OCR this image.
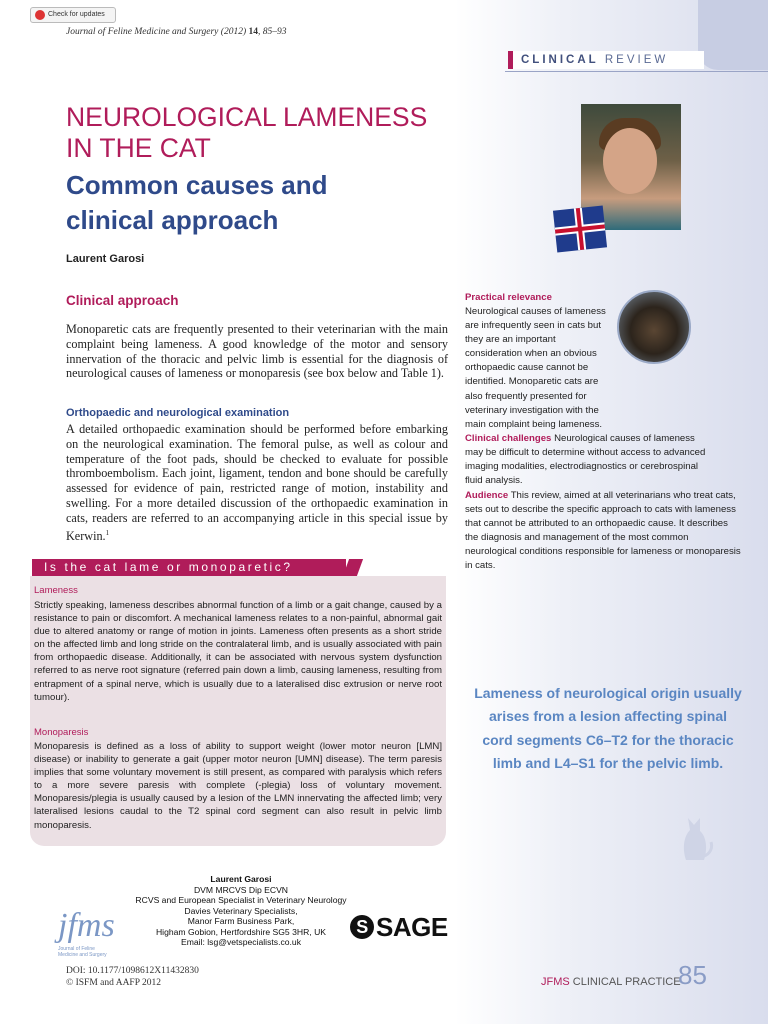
Check for updates
Journal of Feline Medicine and Surgery (2012) 14, 85–93
CLINICAL REVIEW
NEUROLOGICAL LAMENESS
IN THE CAT
Common causes and
clinical approach
Laurent Garosi
Clinical approach

Monoparetic cats are frequently presented to their veterinarian with the main complaint being lameness. A good knowledge of the motor and sensory innervation of the thoracic and pelvic limb is essential for the diagnosis of neurological causes of lameness or monoparesis (see box below and Table 1).

Orthopaedic and neurological examination

A detailed orthopaedic examination should be performed before embarking on the neurological examination. The femoral pulse, as well as colour and temperature of the foot pads, should be checked to evaluate for possible thromboembolism. Each joint, ligament, tendon and bone should be carefully assessed for evidence of pain, restricted range of motion, instability and swelling. For a more detailed discussion of the orthopaedic examination in cats, readers are referred to an accompanying article in this special issue by Kerwin.$^1$

Is the cat lame or monoparetic?
Lameness

Strictly speaking, lameness describes abnormal function of a limb or a gait change, caused by a resistance to pain or discomfort. A mechanical lameness relates to a non-painful, abnormal gait due to altered anatomy or range of motion in joints. Lameness often presents as a short stride on the affected limb and long stride on the contralateral limb, and is usually associated with pain from orthopaedic disease. Additionally, it can be associated with nervous system dysfunction referred to as nerve root signature (referred pain down a limb, causing lameness, resulting from entrapment of a spinal nerve, which is usually due to a lateralised disc extrusion or nerve root tumour).

Monoparesis

Monoparesis is defined as a loss of ability to support weight (lower motor neuron [LMN] disease) or inability to generate a gait (upper motor neuron [UMN] disease). The term paresis implies that some voluntary movement is still present, as compared with paralysis which refers to a more severe paresis with complete (-plegia) loss of voluntary movement. Monoparesis/plegia is usually caused by a lesion of the LMN innervating the affected limb; very lateralised lesions caudal to the T2 spinal cord segment can also result in pelvic limb monoparesis.

Practical relevance
Neurological causes of lameness are infrequently seen in cats but they are an important consideration when an obvious orthopaedic cause cannot be identified. Monoparetic cats are also frequently presented for veterinary investigation with the main complaint being lameness.
Clinical challenges Neurological causes of lameness may be difficult to determine without access to advanced imaging modalities, electrodiagnostics or cerebrospinal fluid analysis.
Audience This review, aimed at all veterinarians who treat cats, sets out to describe the specific approach to cats with lameness that cannot be attributed to an orthopaedic cause. It describes the diagnosis and management of the most common neurological conditions responsible for lameness or monoparesis in cats.
Lameness of neurological origin usually arises from a lesion affecting spinal cord segments C6–T2 for the thoracic limb and L4–S1 for the pelvic limb.
Laurent Garosi
DVM MRCVS Dip ECVN
RCVS and European Specialist in Veterinary Neurology
Davies Veterinary Specialists,
Manor Farm Business Park,
Higham Gobion, Hertfordshire SG5 3HR, UK
Email: lsg@vetspecialists.co.uk
jfms
Journal of Feline
Medicine and Surgery
S SAGE
DOI: 10.1177/1098612X11432830
© ISFM and AAFP 2012	JFMS CLINICAL PRACTICE
85
